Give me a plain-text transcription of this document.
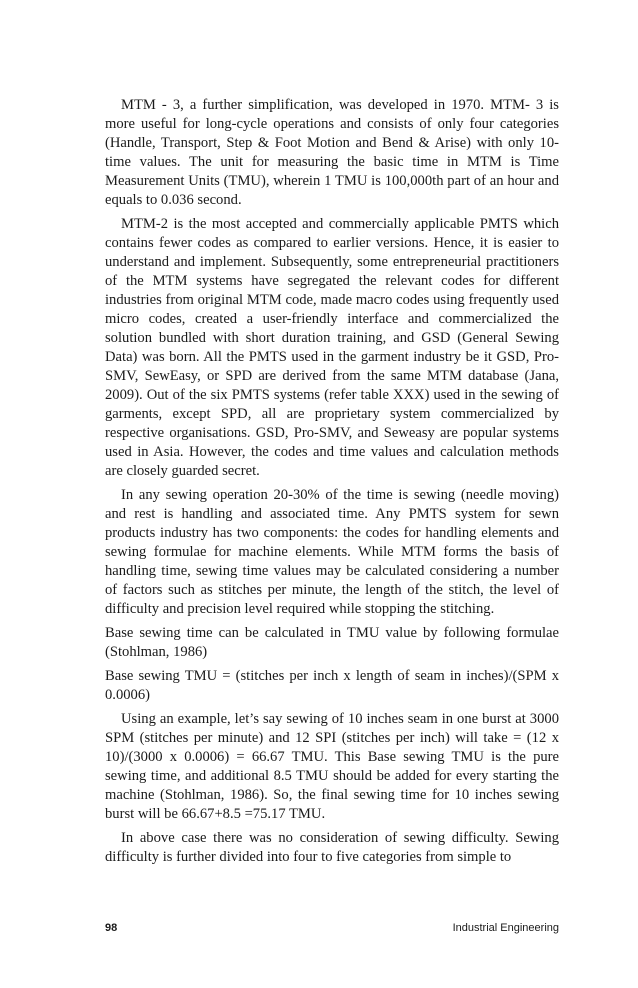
MTM - 3, a further simplification, was developed in 1970. MTM- 3 is more useful for long-cycle operations and consists of only four categories (Handle, Transport, Step & Foot Motion and Bend & Arise) with only 10-time values. The unit for measuring the basic time in MTM is Time Measurement Units (TMU), wherein 1 TMU is 100,000th part of an hour and equals to 0.036 second.

MTM-2 is the most accepted and commercially applicable PMTS which contains fewer codes as compared to earlier versions. Hence, it is easier to understand and implement. Subsequently, some entrepreneurial practitioners of the MTM systems have segregated the relevant codes for different industries from original MTM code, made macro codes using frequently used micro codes, created a user-friendly interface and commercialized the solution bundled with short duration training, and GSD (General Sewing Data) was born. All the PMTS used in the garment industry be it GSD, Pro-SMV, SewEasy, or SPD are derived from the same MTM database (Jana, 2009). Out of the six PMTS systems (refer table XXX) used in the sewing of garments, except SPD, all are proprietary system commercialized by respective organisations. GSD, Pro-SMV, and Seweasy are popular systems used in Asia. However, the codes and time values and calculation methods are closely guarded secret.

In any sewing operation 20-30% of the time is sewing (needle moving) and rest is handling and associated time. Any PMTS system for sewn products industry has two components: the codes for handling elements and sewing formulae for machine elements. While MTM forms the basis of handling time, sewing time values may be calculated considering a number of factors such as stitches per minute, the length of the stitch, the level of difficulty and precision level required while stopping the stitching.

Base sewing time can be calculated in TMU value by following formulae (Stohlman, 1986)

Base sewing TMU = (stitches per inch x length of seam in inches)/(SPM x 0.0006)

Using an example, let’s say sewing of 10 inches seam in one burst at 3000 SPM (stitches per minute) and 12 SPI (stitches per inch) will take = (12 x 10)/(3000 x 0.0006) = 66.67 TMU. This Base sewing TMU is the pure sewing time, and additional 8.5 TMU should be added for every starting the machine (Stohlman, 1986). So, the final sewing time for 10 inches sewing burst will be 66.67+8.5 =75.17 TMU.

In above case there was no consideration of sewing difficulty. Sewing difficulty is further divided into four to five categories from simple to

98	Industrial Engineering
